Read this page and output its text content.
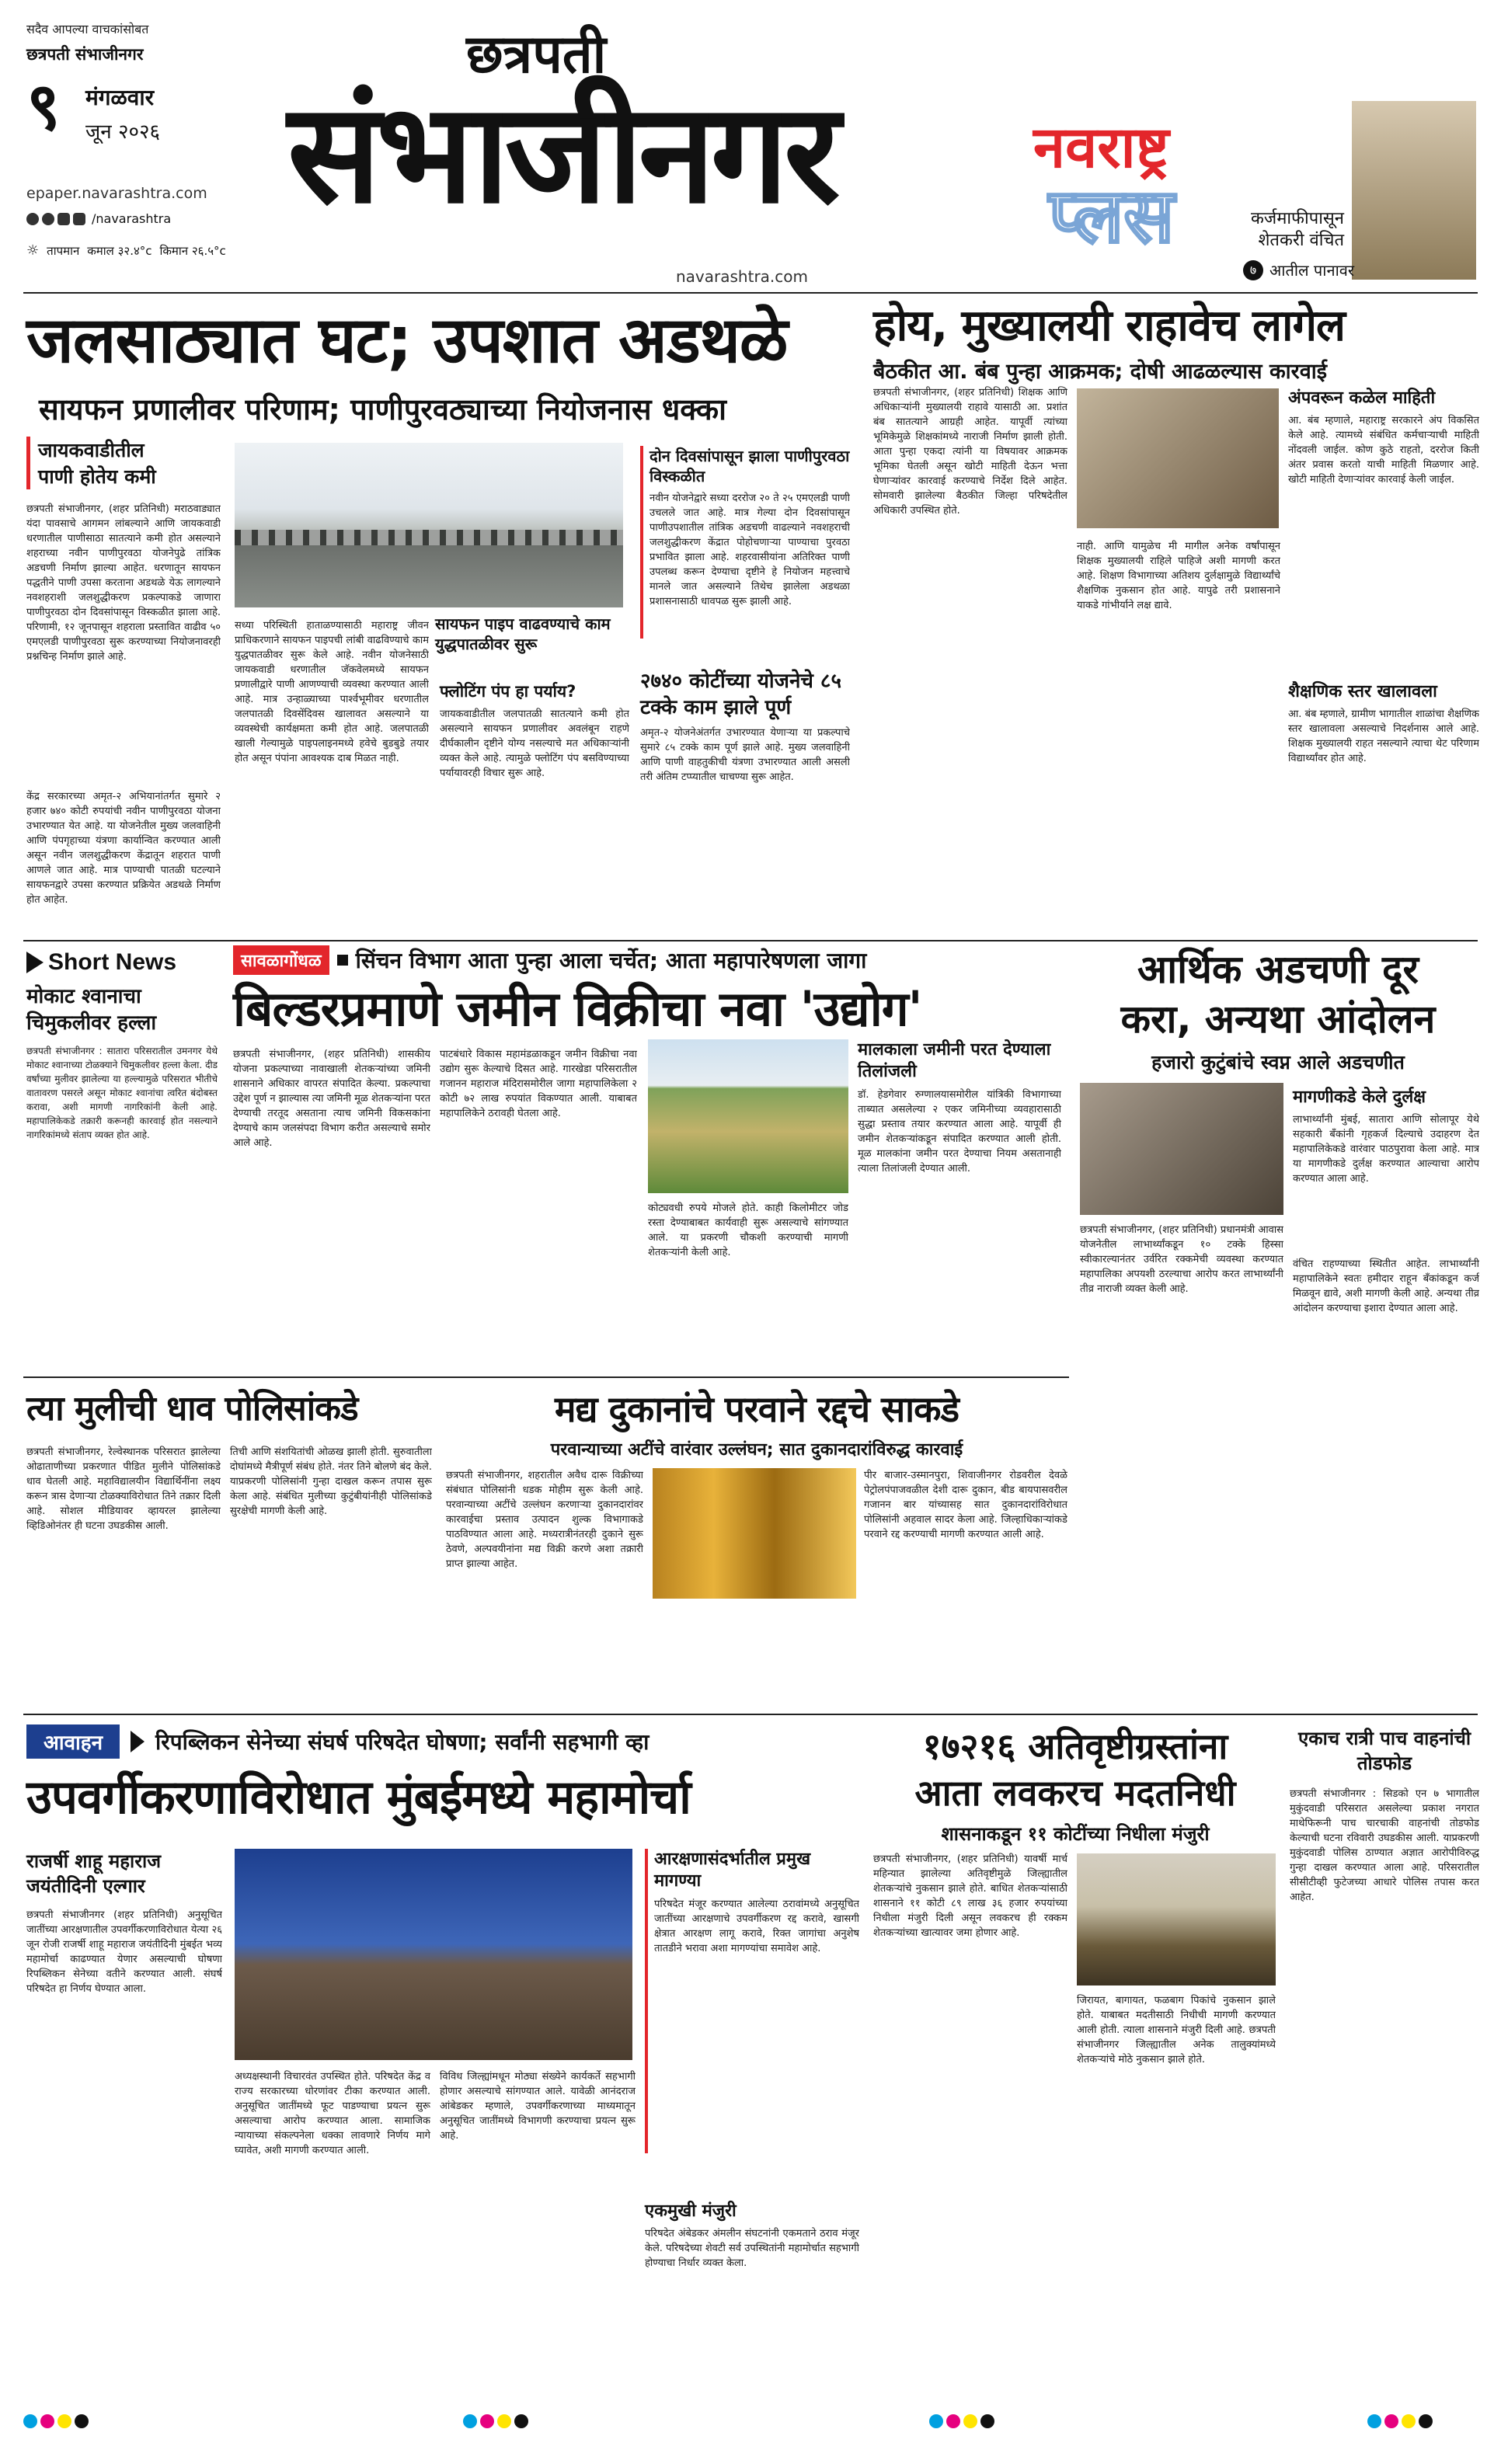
सदैव आपल्या वाचकांसोबत
छत्रपती संभाजीनगर
९ मंगळवार
जून २०२६
epaper.navarashtra.com
/navarashtra
☼ तापमान कमाल ३२.४°c किमान २६.५°c
छत्रपती
संभाजीनगर	नवराष्ट्र
प्लस
navarashtra.com
कर्जमाफीपासून शेतकरी वंचित
७ आतील पानावर
जलसाठ्यात घट; उपशात अडथळे
सायफन प्रणालीवर परिणाम; पाणीपुरवठ्याच्या नियोजनास धक्का
जायकवाडीतील
पाणी होतेय कमी
छत्रपती संभाजीनगर, (शहर प्रतिनिधी) मराठवाड्यात यंदा पावसाचे आगमन लांबल्याने आणि जायकवाडी धरणातील पाणीसाठा सातत्याने कमी होत असल्याने शहराच्या नवीन पाणीपुरवठा योजनेपुढे तांत्रिक अडचणी निर्माण झाल्या आहेत. धरणातून सायफन पद्धतीने पाणी उपसा करताना अडथळे येऊ लागल्याने नवशहराशी जलशुद्धीकरण प्रकल्पाकडे जाणारा पाणीपुरवठा दोन दिवसांपासून विस्कळीत झाला आहे. परिणामी, १२ जूनपासून शहराला प्रस्तावित वाढीव ५० एमएलडी पाणीपुरवठा सुरू करण्याच्या नियोजनावरही प्रश्नचिन्ह निर्माण झाले आहे.
केंद्र सरकारच्या अमृत-२ अभियानांतर्गत सुमारे २ हजार ७४० कोटी रुपयांची नवीन पाणीपुरवठा योजना उभारण्यात येत आहे. या योजनेतील मुख्य जलवाहिनी आणि पंपगृहाच्या यंत्रणा कार्यान्वित करण्यात आली असून नवीन जलशुद्धीकरण केंद्रातून शहरात पाणी आणले जात आहे. मात्र पाण्याची पातळी घटल्याने सायफनद्वारे उपसा करण्यात प्रक्रियेत अडथळे निर्माण होत आहेत.
सायफन पाइप वाढवण्याचे काम युद्धपातळीवर सुरू
सध्या परिस्थिती हाताळण्यासाठी महाराष्ट्र जीवन प्राधिकरणाने सायफन पाइपची लांबी वाढविण्याचे काम युद्धपातळीवर सुरू केले आहे. नवीन योजनेसाठी जायकवाडी धरणातील जॅकवेलमध्ये सायफन प्रणालीद्वारे पाणी आणण्याची व्यवस्था करण्यात आली आहे. मात्र उन्हाळ्याच्या पार्श्वभूमीवर धरणातील जलपातळी दिवसेंदिवस खालावत असल्याने या व्यवस्थेची कार्यक्षमता कमी होत आहे. जलपातळी खाली गेल्यामुळे पाइपलाइनमध्ये हवेचे बुडबुडे तयार होत असून पंपांना आवश्यक दाब मिळत नाही.
दोन दिवसांपासून झाला पाणीपुरवठा विस्कळीत
नवीन योजनेद्वारे सध्या दररोज २० ते २५ एमएलडी पाणी उचलले जात आहे. मात्र गेल्या दोन दिवसांपासून पाणीउपशातील तांत्रिक अडचणी वाढल्याने नवशहराची जलशुद्धीकरण केंद्रात पोहोचणाऱ्या पाण्याचा पुरवठा प्रभावित झाला आहे. शहरवासीयांना अतिरिक्त पाणी उपलब्ध करून देण्याचा दृष्टीने हे नियोजन महत्त्वाचे मानले जात असल्याने तिथेच झालेला अडथळा प्रशासनासाठी धावपळ सुरू झाली आहे.
२७४० कोटींच्या योजनेचे ८५ टक्के काम झाले पूर्ण
अमृत-२ योजनेअंतर्गत उभारण्यात येणाऱ्या या प्रकल्पाचे सुमारे ८५ टक्के काम पूर्ण झाले आहे. मुख्य जलवाहिनी आणि पाणी वाहतुकीची यंत्रणा उभारण्यात आली असली तरी अंतिम टप्प्यातील चाचण्या सुरू आहेत.
फ्लोटिंग पंप हा पर्याय?
जायकवाडीतील जलपातळी सातत्याने कमी होत असल्याने सायफन प्रणालीवर अवलंबून राहणे दीर्घकालीन दृष्टीने योग्य नसल्याचे मत अधिकाऱ्यांनी व्यक्त केले आहे. त्यामुळे फ्लोटिंग पंप बसविण्याच्या पर्यायावरही विचार सुरू आहे.
होय, मुख्यालयी राहावेच लागेल
बैठकीत आ. बंब पुन्हा आक्रमक; दोषी आढळल्यास कारवाई
छत्रपती संभाजीनगर, (शहर प्रतिनिधी) शिक्षक आणि अधिकाऱ्यांनी मुख्यालयी राहावे यासाठी आ. प्रशांत बंब सातत्याने आग्रही आहेत. यापूर्वी त्यांच्या भूमिकेमुळे शिक्षकांमध्ये नाराजी निर्माण झाली होती. आता पुन्हा एकदा त्यांनी या विषयावर आक्रमक भूमिका घेतली असून खोटी माहिती देऊन भत्ता घेणाऱ्यांवर कारवाई करण्याचे निर्देश दिले आहेत. सोमवारी झालेल्या बैठकीत जिल्हा परिषदेतील अधिकारी उपस्थित होते.
नाही. आणि यामुळेच मी मागील अनेक वर्षांपासून शिक्षक मुख्यालयी राहिले पाहिजे अशी मागणी करत आहे. शिक्षण विभागाच्या अतिशय दुर्लक्षामुळे विद्यार्थ्यांचे शैक्षणिक नुकसान होत आहे. यापुढे तरी प्रशासनाने याकडे गांभीर्याने लक्ष द्यावे.
अंपवरून कळेल माहिती
आ. बंब म्हणाले, महाराष्ट्र सरकारने अंप विकसित केले आहे. त्यामध्ये संबंधित कर्मचाऱ्याची माहिती नोंदवली जाईल. कोण कुठे राहतो, दररोज किती अंतर प्रवास करतो याची माहिती मिळणार आहे. खोटी माहिती देणाऱ्यांवर कारवाई केली जाईल.
शैक्षणिक स्तर खालावला
आ. बंब म्हणाले, ग्रामीण भागातील शाळांचा शैक्षणिक स्तर खालावला असल्याचे निदर्शनास आले आहे. शिक्षक मुख्यालयी राहत नसल्याने त्याचा थेट परिणाम विद्यार्थ्यांवर होत आहे.
Short News
मोकाट श्वानाचा चिमुकलीवर हल्ला
छत्रपती संभाजीनगर : सातारा परिसरातील उमनगर येथे मोकाट श्वानाच्या टोळक्याने चिमुकलीवर हल्ला केला. दीड वर्षांच्या मुलीवर झालेल्या या हल्ल्यामुळे परिसरात भीतीचे वातावरण पसरले असून मोकाट श्वानांचा त्वरित बंदोबस्त करावा, अशी मागणी नागरिकांनी केली आहे. महापालिकेकडे तक्रारी करूनही कारवाई होत नसल्याने नागरिकांमध्ये संताप व्यक्त होत आहे.
सावळागोंधळ	सिंचन विभाग आता पुन्हा आला चर्चेत; आता महापारेषणला जागा
बिल्डरप्रमाणे जमीन विक्रीचा नवा 'उद्योग'
छत्रपती संभाजीनगर, (शहर प्रतिनिधी) शासकीय योजना प्रकल्पाच्या नावाखाली शेतकऱ्यांच्या जमिनी शासनाने अधिकार वापरत संपादित केल्या. प्रकल्पाचा उद्देश पूर्ण न झाल्यास त्या जमिनी मूळ शेतकऱ्यांना परत देण्याची तरतूद असताना त्याच जमिनी विकसकांना देण्याचे काम जलसंपदा विभाग करीत असल्याचे समोर आले आहे.
पाटबंधारे विकास महामंडळाकडून जमीन विक्रीचा नवा उद्योग सुरू केल्याचे दिसत आहे. गारखेडा परिसरातील गजानन महाराज मंदिरासमोरील जागा महापालिकेला २ कोटी ७२ लाख रुपयांत विकण्यात आली. याबाबत महापालिकेने ठरावही घेतला आहे.
कोट्यवधी रुपये मोजले होते. काही किलोमीटर जोड रस्ता देण्याबाबत कार्यवाही सुरू असल्याचे सांगण्यात आले. या प्रकरणी चौकशी करण्याची मागणी शेतकऱ्यांनी केली आहे.
मालकाला जमीनी परत देण्याला तिलांजली
डॉ. हेडगेवार रुग्णालयासमोरील यांत्रिकी विभागाच्या ताब्यात असलेल्या २ एकर जमिनीच्या व्यवहारासाठी सुद्धा प्रस्ताव तयार करण्यात आला आहे. यापूर्वी ही जमीन शेतकऱ्यांकडून संपादित करण्यात आली होती. मूळ मालकांना जमीन परत देण्याचा नियम असतानाही त्याला तिलांजली देण्यात आली.
आर्थिक अडचणी दूर
करा, अन्यथा आंदोलन
हजारो कुटुंबांचे स्वप्न आले अडचणीत
छत्रपती संभाजीनगर, (शहर प्रतिनिधी) प्रधानमंत्री आवास योजनेतील लाभार्थ्यांकडून १० टक्के हिस्सा स्वीकारल्यानंतर उर्वरित रक्कमेची व्यवस्था करण्यात महापालिका अपयशी ठरल्याचा आरोप करत लाभार्थ्यांनी तीव्र नाराजी व्यक्त केली आहे.
मागणीकडे केले दुर्लक्ष
लाभार्थ्यांनी मुंबई, सातारा आणि सोलापूर येथे सहकारी बँकांनी गृहकर्ज दिल्याचे उदाहरण देत महापालिकेकडे वारंवार पाठपुरावा केला आहे. मात्र या मागणीकडे दुर्लक्ष करण्यात आल्याचा आरोप करण्यात आला आहे.
वंचित राहण्याच्या स्थितीत आहेत. लाभार्थ्यांनी महापालिकेने स्वतः हमीदार राहून बँकांकडून कर्ज मिळवून द्यावे, अशी मागणी केली आहे. अन्यथा तीव्र आंदोलन करण्याचा इशारा देण्यात आला आहे.
त्या मुलीची धाव पोलिसांकडे
छत्रपती संभाजीनगर, रेल्वेस्थानक परिसरात झालेल्या ओढाताणीच्या प्रकरणात पीडित मुलीने पोलिसांकडे धाव घेतली आहे. महाविद्यालयीन विद्यार्थिनींना लक्ष्य करून त्रास देणाऱ्या टोळक्याविरोधात तिने तक्रार दिली आहे. सोशल मीडियावर व्हायरल झालेल्या व्हिडिओनंतर ही घटना उघडकीस आली.
तिची आणि संशयितांची ओळख झाली होती. सुरुवातीला दोघांमध्ये मैत्रीपूर्ण संबंध होते. नंतर तिने बोलणे बंद केले. याप्रकरणी पोलिसांनी गुन्हा दाखल करून तपास सुरू केला आहे. संबंधित मुलीच्या कुटुंबीयांनीही पोलिसांकडे सुरक्षेची मागणी केली आहे.
मद्य दुकानांचे परवाने रद्दचे साकडे
परवान्याच्या अटींचे वारंवार उल्लंघन; सात दुकानदारांविरुद्ध कारवाई
छत्रपती संभाजीनगर, शहरातील अवैध दारू विक्रीच्या संबंधात पोलिसांनी धडक मोहीम सुरू केली आहे. परवान्याच्या अटींचे उल्लंघन करणाऱ्या दुकानदारांवर कारवाईचा प्रस्ताव उत्पादन शुल्क विभागाकडे पाठविण्यात आला आहे. मध्यरात्रीनंतरही दुकाने सुरू ठेवणे, अल्पवयीनांना मद्य विक्री करणे अशा तक्रारी प्राप्त झाल्या आहेत.
पीर बाजार-उस्मानपुरा, शिवाजीनगर रोडवरील देवळे पेट्रोलपंपाजवळील देशी दारू दुकान, बीड बायपासवरील गजानन बार यांच्यासह सात दुकानदारांविरोधात पोलिसांनी अहवाल सादर केला आहे. जिल्हाधिकाऱ्यांकडे परवाने रद्द करण्याची मागणी करण्यात आली आहे.
आवाहन	रिपब्लिकन सेनेच्या संघर्ष परिषदेत घोषणा; सर्वांनी सहभागी व्हा
उपवर्गीकरणाविरोधात मुंबईमध्ये महामोर्चा
राजर्षी शाहू महाराज जयंतीदिनी एल्गार
छत्रपती संभाजीनगर (शहर प्रतिनिधी) अनुसूचित जातींच्या आरक्षणातील उपवर्गीकरणाविरोधात येत्या २६ जून रोजी राजर्षी शाहू महाराज जयंतीदिनी मुंबईत भव्य महामोर्चा काढण्यात येणार असल्याची घोषणा रिपब्लिकन सेनेच्या वतीने करण्यात आली. संघर्ष परिषदेत हा निर्णय घेण्यात आला.
अध्यक्षस्थानी विचारवंत उपस्थित होते. परिषदेत केंद्र व राज्य सरकारच्या धोरणांवर टीका करण्यात आली. अनुसूचित जातींमध्ये फूट पाडण्याचा प्रयत्न सुरू असल्याचा आरोप करण्यात आला. सामाजिक न्यायाच्या संकल्पनेला धक्का लावणारे निर्णय मागे घ्यावेत, अशी मागणी करण्यात आली.
विविध जिल्ह्यांमधून मोठ्या संख्येने कार्यकर्ते सहभागी होणार असल्याचे सांगण्यात आले. यावेळी आनंदराज आंबेडकर म्हणाले, उपवर्गीकरणाच्या माध्यमातून अनुसूचित जातींमध्ये विभागणी करण्याचा प्रयत्न सुरू आहे.
आरक्षणासंदर्भातील प्रमुख मागण्या
परिषदेत मंजूर करण्यात आलेल्या ठरावांमध्ये अनुसूचित जातींच्या आरक्षणाचे उपवर्गीकरण रद्द करावे, खासगी क्षेत्रात आरक्षण लागू करावे, रिक्त जागांचा अनुशेष तातडीने भरावा अशा मागण्यांचा समावेश आहे.
एकमुखी मंजुरी
परिषदेत अंबेडकर अंमलीन संघटनांनी एकमताने ठराव मंजूर केले. परिषदेच्या शेवटी सर्व उपस्थितांनी महामोर्चात सहभागी होण्याचा निर्धार व्यक्त केला.
१७२१६ अतिवृष्टीग्रस्तांना
आता लवकरच मदतनिधी
शासनाकडून ११ कोटींच्या निधीला मंजुरी
छत्रपती संभाजीनगर, (शहर प्रतिनिधी) यावर्षी मार्च महिन्यात झालेल्या अतिवृष्टीमुळे जिल्ह्यातील शेतकऱ्यांचे नुकसान झाले होते. बाधित शेतकऱ्यांसाठी शासनाने ११ कोटी ८९ लाख ३६ हजार रुपयांच्या निधीला मंजुरी दिली असून लवकरच ही रक्कम शेतकऱ्यांच्या खात्यावर जमा होणार आहे.
जिरायत, बागायत, फळबाग पिकांचे नुकसान झाले होते. याबाबत मदतीसाठी निधीची मागणी करण्यात आली होती. त्याला शासनाने मंजुरी दिली आहे. छत्रपती संभाजीनगर जिल्ह्यातील अनेक तालुक्यांमध्ये शेतकऱ्यांचे मोठे नुकसान झाले होते.
एकाच रात्री पाच वाहनांची तोडफोड
छत्रपती संभाजीनगर : सिडको एन ७ भागातील मुकुंदवाडी परिसरात असलेल्या प्रकाश नगरात माथेफिरूनी पाच चारचाकी वाहनांची तोडफोड केल्याची घटना रविवारी उघडकीस आली. याप्रकरणी मुकुंदवाडी पोलिस ठाण्यात अज्ञात आरोपीविरुद्ध गुन्हा दाखल करण्यात आला आहे. परिसरातील सीसीटीव्ही फुटेजच्या आधारे पोलिस तपास करत आहेत.
